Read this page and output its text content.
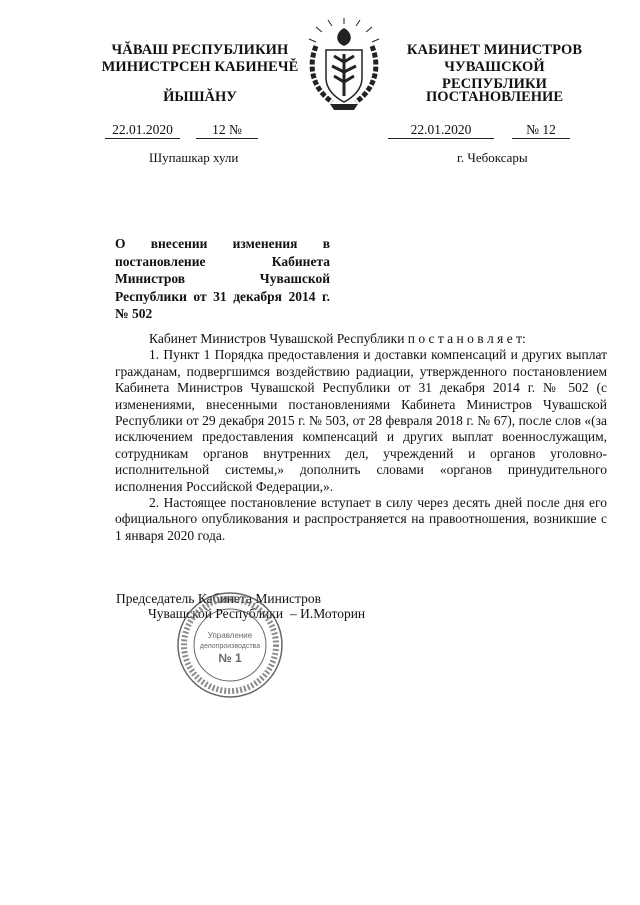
ЧĂВАШ РЕСПУБЛИКИН
МИНИСТРСЕН КАБИНЕЧĚ
ЙЫШĂНУ
КАБИНЕТ МИНИСТРОВ
ЧУВАШСКОЙ РЕСПУБЛИКИ
ПОСТАНОВЛЕНИЕ
22.01.2020	12 №	22.01.2020	№ 12
Шупашкар хули	г. Чебоксары
О внесении изменения в постановление Кабинета Министров Чувашской Республики от 31 декабря 2014 г. № 502

Кабинет Министров Чувашской Республики п о с т а н о в л я е т:

1. Пункт 1 Порядка предоставления и доставки компенсаций и других выплат гражданам, подвергшимся воздействию радиации, утвержденного постановлением Кабинета Министров Чувашской Республики от 31 декабря 2014 г. № 502 (с изменениями, внесенными постановлениями Кабинета Министров Чувашской Республики от 29 декабря 2015 г. № 503, от 28 февраля 2018 г. № 67), после слов «(за исключением предоставления компенсаций и других выплат военнослужащим, сотрудникам органов внутренних дел, учреждений и органов уголовно-исполнительной системы,» дополнить словами «органов принудительного исполнения Российской Федерации,».

2. Настоящее постановление вступает в силу через десять дней после дня его официального опубликования и распространяется на правоотношения, возникшие с 1 января 2020 года.

Председатель Кабинета Министров
Чувашской Республики – И.Моторин
Управление
делопроизводства
№ 1
